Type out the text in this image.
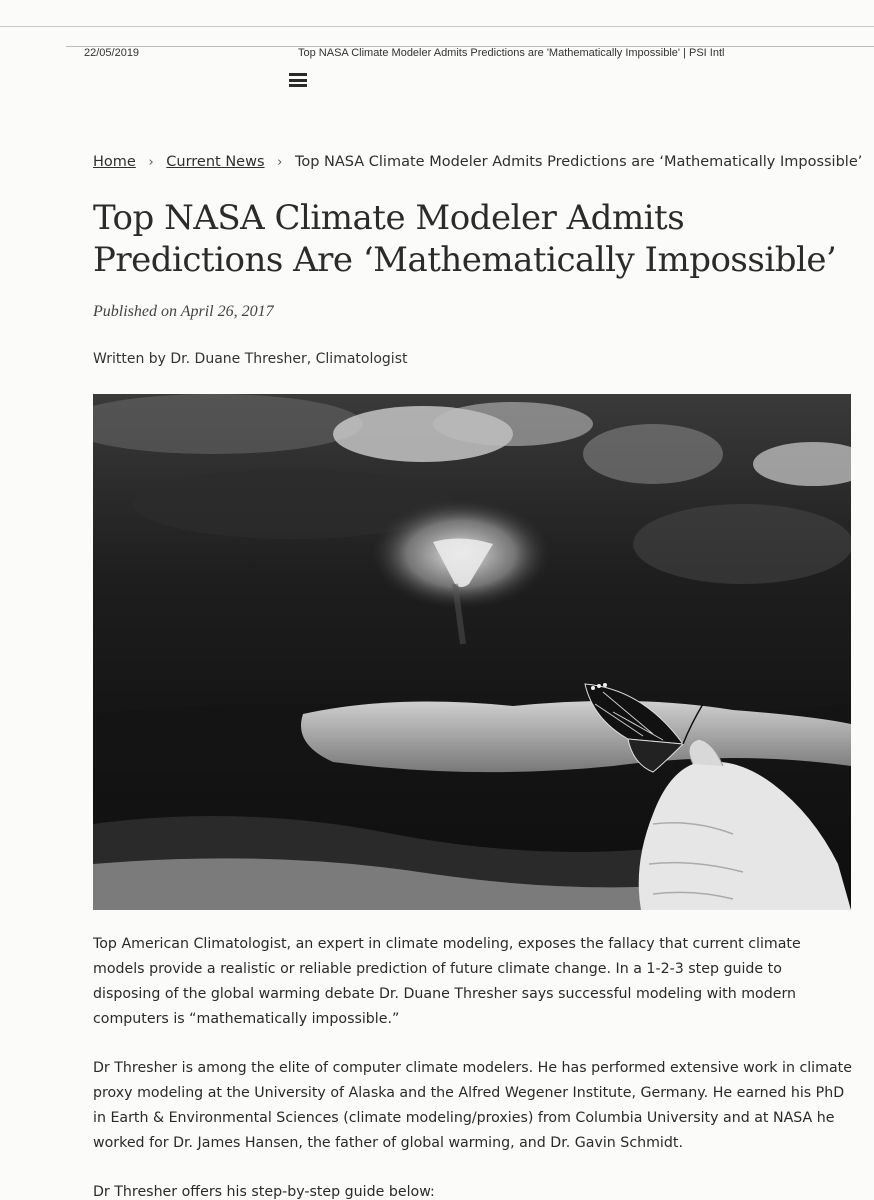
22/05/2019	Top NASA Climate Modeler Admits Predictions are 'Mathematically Impossible' | PSI Intl
Home › Current News › Top NASA Climate Modeler Admits Predictions are ‘Mathematically Impossible’
Top NASA Climate Modeler Admits Predictions Are ‘Mathematically Impossible’
Published on April 26, 2017
Written by Dr. Duane Thresher, Climatologist

Top American Climatologist, an expert in climate modeling, exposes the fallacy that current climate models provide a realistic or reliable prediction of future climate change. In a 1-2-3 step guide to disposing of the global warming debate Dr. Duane Thresher says successful modeling with modern computers is “mathematically impossible.”

Dr Thresher is among the elite of computer climate modelers. He has performed extensive work in climate proxy modeling at the University of Alaska and the Alfred Wegener Institute, Germany. He earned his PhD in Earth & Environmental Sciences (climate modeling/proxies) from Columbia University and at NASA he worked for Dr. James Hansen, the father of global warming, and Dr. Gavin Schmidt.

Dr Thresher offers his step-by-step guide below:
